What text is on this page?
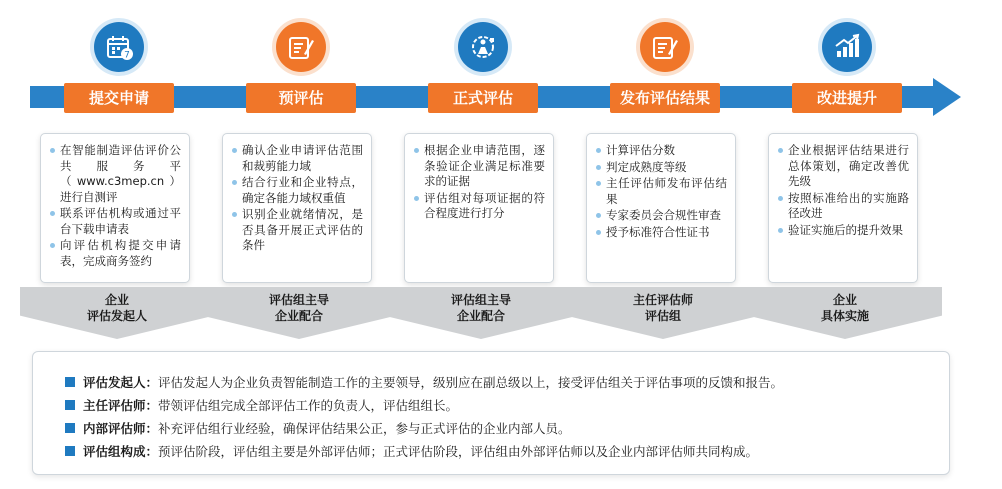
7
提交申请
在智能制造评估评价公共服务平（www.c3mep.cn）进行自测评
联系评估机构或通过平台下载申请表
向评估机构提交申请表，完成商务签约
企业
评估发起人
预评估
确认企业申请评估范围和裁剪能力域
结合行业和企业特点，确定各能力域权重值
识别企业就绪情况，是否具备开展正式评估的条件
评估组主导
企业配合
正式评估
根据企业申请范围，逐条验证企业满足标准要求的证据
评估组对每项证据的符合程度进行打分
评估组主导
企业配合
发布评估结果
计算评估分数
判定成熟度等级
主任评估师发布评估结果
专家委员会合规性审查
授予标准符合性证书
主任评估师
评估组
改进提升
企业根据评估结果进行总体策划，确定改善优先级
按照标准给出的实施路径改进
验证实施后的提升效果
企业
具体实施
评估发起人： 评估发起人为企业负责智能制造工作的主要领导，级别应在副总级以上，接受评估组关于评估事项的反馈和报告。
主任评估师： 带领评估组完成全部评估工作的负责人，评估组组长。
内部评估师： 补充评估组行业经验，确保评估结果公正，参与正式评估的企业内部人员。
评估组构成： 预评估阶段，评估组主要是外部评估师；正式评估阶段，评估组由外部评估师以及企业内部评估师共同构成。
